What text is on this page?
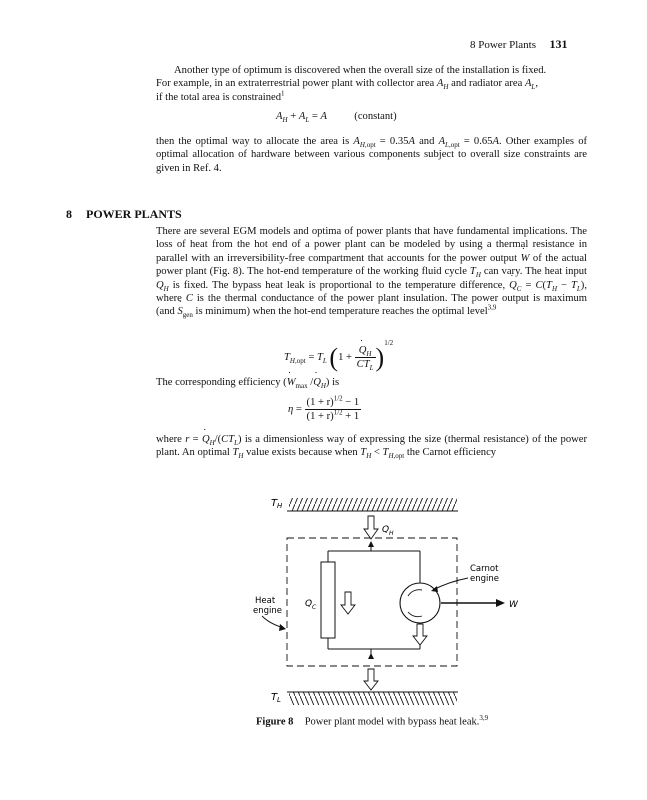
8 Power Plants 131
Another type of optimum is discovered when the overall size of the installation is fixed.
For example, in an extraterrestrial power plant with collector area $A_H$ and radiator area $A_L$,
if the total area is constrained$^1$
$A_H + A_L = A$	(constant)
then the optimal way to allocate the area is $A_{H,opt} = 0.35A$ and $A_{L,opt} = 0.65A$. Other examples of optimal allocation of hardware between various components subject to overall size constraints are given in Ref. 4.
8 POWER PLANTS
There are several EGM models and optima of power plants that have fundamental implications. The loss of heat from the hot end of a power plant can be modeled by using a thermal resistance in parallel with an irreversibility-free compartment that accounts for the power output ˙ W of the actual power plant (Fig. 8). The hot-end temperature of the working fluid cycle $T_H$ can vary. The heat input ˙ $Q_H$ is fixed. The bypass heat leak is proportional to the temperature difference, ˙ $Q_C = C(T_H - T_L)$, where C is the thermal conductance of the power plant insulation. The power output is maximum (and ˙ $S_{gen}$ is minimum) when the hot-end temperature reaches the optimal level$^{3,9}$
$T_{H,opt} = T_L$ (1 +
˙ $\frac{Q_H}{CT_L} )^{1/2}$
The corresponding efficiency (˙ $W_{max}$ /˙ $Q_H$) is
$\eta = \frac{(1 + r)^{1/2} - 1}{(1 + r)^{1/2} + 1}$
where r = ˙ $Q_H/(CT_L)$ is a dimensionless way of expressing the size (thermal resistance) of the power plant. An optimal $T_H$ value exists because when $T_H < T_{H,opt}$ the Carnot efficiency
T H
T L
Q H
Q C	W
Carnot
engine
Heat
engine
Figure 8 Power plant model with bypass heat leak.$^{3,9}$
